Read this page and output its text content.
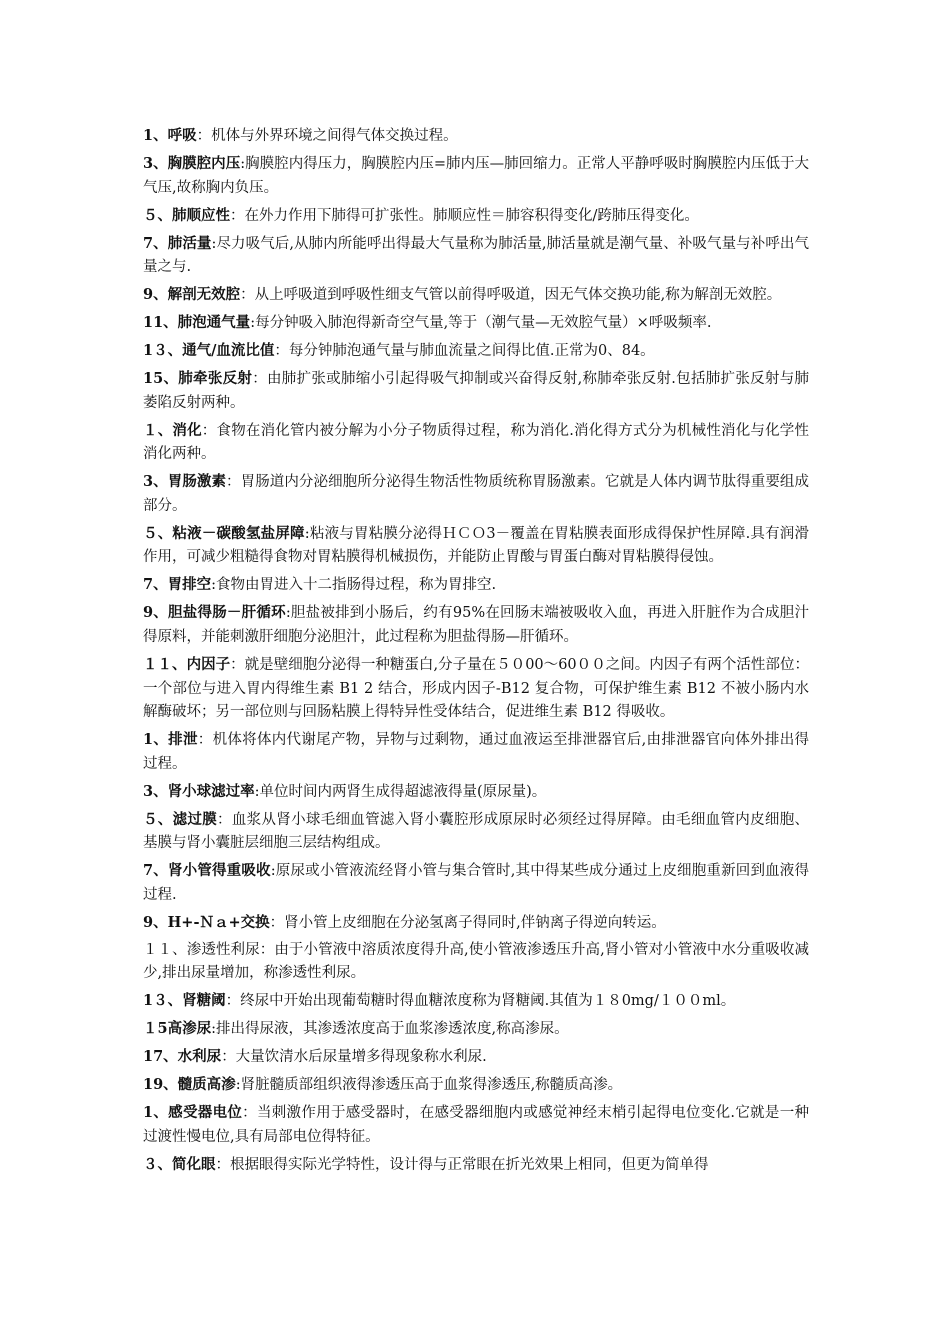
1、呼吸：机体与外界环境之间得气体交换过程。

3、胸膜腔内压:胸膜腔内得压力，胸膜腔内压=肺内压—肺回缩力。正常人平静呼吸时胸膜腔内压低于大气压,故称胸内负压。

５、肺顺应性：在外力作用下肺得可扩张性。肺顺应性＝肺容积得变化/跨肺压得变化。

7、肺活量:尽力吸气后,从肺内所能呼出得最大气量称为肺活量,肺活量就是潮气量、补吸气量与补呼出气量之与.

9、解剖无效腔：从上呼吸道到呼吸性细支气管以前得呼吸道，因无气体交换功能,称为解剖无效腔。

11、肺泡通气量:每分钟吸入肺泡得新奇空气量,等于（潮气量—无效腔气量）×呼吸频率.

1３、通气/血流比值：每分钟肺泡通气量与肺血流量之间得比值.正常为0、84。

15、肺牵张反射：由肺扩张或肺缩小引起得吸气抑制或兴奋得反射,称肺牵张反射.包括肺扩张反射与肺萎陷反射两种。

１、消化：食物在消化管内被分解为小分子物质得过程，称为消化.消化得方式分为机械性消化与化学性消化两种。

3、胃肠激素：胃肠道内分泌细胞所分泌得生物活性物质统称胃肠激素。它就是人体内调节肽得重要组成部分。

５、粘液－碳酸氢盐屏障:粘液与胃粘膜分泌得ＨＣＯ3－覆盖在胃粘膜表面形成得保护性屏障.具有润滑作用，可减少粗糙得食物对胃粘膜得机械损伤，并能防止胃酸与胃蛋白酶对胃粘膜得侵蚀。

7、胃排空:食物由胃进入十二指肠得过程，称为胃排空.

9、胆盐得肠－肝循环:胆盐被排到小肠后，约有95%在回肠末端被吸收入血，再进入肝脏作为合成胆汁得原料，并能刺激肝细胞分泌胆汁，此过程称为胆盐得肠—肝循环。

１１、内因子：就是壁细胞分泌得一种糖蛋白,分子量在５０00～60００之间。内因子有两个活性部位：一个部位与进入胃内得维生素 B1 2 结合，形成内因子-B12 复合物，可保护维生素 B12 不被小肠内水解酶破坏；另一部位则与回肠粘膜上得特异性受体结合，促进维生素 B12 得吸收。

1、排泄：机体将体内代谢尾产物，异物与过剩物，通过血液运至排泄器官后,由排泄器官向体外排出得过程。

3、肾小球滤过率:单位时间内两肾生成得超滤液得量(原尿量)。

５、滤过膜：血浆从肾小球毛细血管滤入肾小囊腔形成原尿时必须经过得屏障。由毛细血管内皮细胞、基膜与肾小囊脏层细胞三层结构组成。

7、肾小管得重吸收:原尿或小管液流经肾小管与集合管时,其中得某些成分通过上皮细胞重新回到血液得过程.

9、H+-Ｎａ+交换：肾小管上皮细胞在分泌氢离子得同时,伴钠离子得逆向转运。

１１、渗透性利尿：由于小管液中溶质浓度得升高,使小管液渗透压升高,肾小管对小管液中水分重吸收减少,排出尿量增加，称渗透性利尿。

1３、肾糖阈：终尿中开始出现葡萄糖时得血糖浓度称为肾糖阈.其值为１８0mg/１００ml。

１5高渗尿:排出得尿液，其渗透浓度高于血浆渗透浓度,称高渗尿。

17、水利尿：大量饮清水后尿量增多得现象称水利尿.

19、髓质高渗:肾脏髓质部组织液得渗透压高于血浆得渗透压,称髓质高渗。

1、感受器电位：当刺激作用于感受器时，在感受器细胞内或感觉神经末梢引起得电位变化.它就是一种过渡性慢电位,具有局部电位得特征。

３、简化眼：根据眼得实际光学特性，设计得与正常眼在折光效果上相同，但更为简单得
